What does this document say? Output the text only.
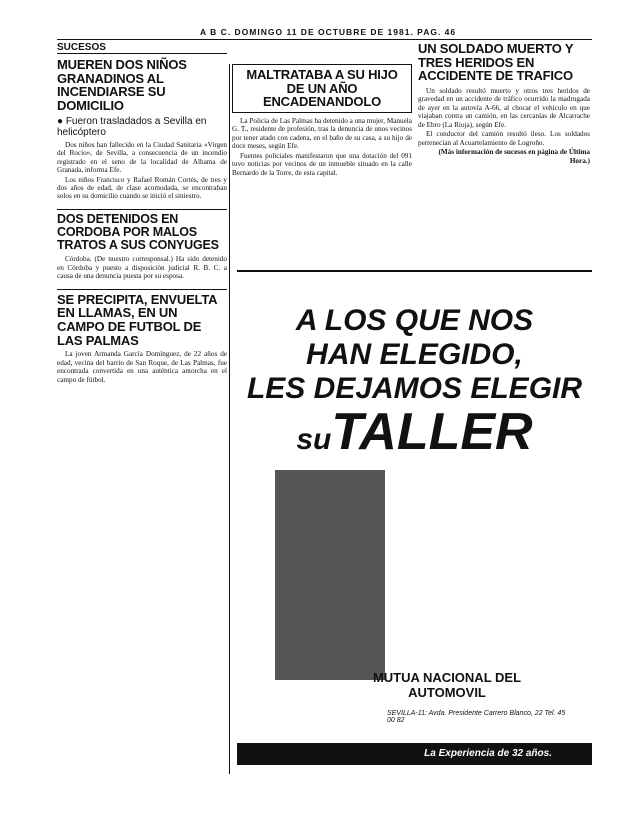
A B C. DOMINGO 11 DE OCTUBRE DE 1981. PAG. 46
SUCESOS
MUEREN DOS NIÑOS GRANADINOS AL INCENDIARSE SU DOMICILIO
● Fueron trasladados a Sevilla en helicóptero

Dos niños han fallecido en la Ciudad Sanitaria «Virgen del Rocío», de Sevilla, a consecuencia de un incendio registrado en el seno de la localidad de Alhama de Granada, informa Efe.

Los niños Francisco y Rafael Román Cortés, de tres y dos años de edad, de clase acomodada, se encontraban solos en su domicilio cuando se inició el siniestro.

DOS DETENIDOS EN CORDOBA POR MALOS TRATOS A SUS CONYUGES

Córdoba. (De nuestro corresponsal.) Ha sido detenido en Córdoba y puesto a disposición judicial R. B. C. a causa de una denuncia puesta por su esposa.

SE PRECIPITA, ENVUELTA EN LLAMAS, EN UN CAMPO DE FUTBOL DE LAS PALMAS

La joven Armanda García Domínguez, de 22 años de edad, vecina del barrio de San Roque, de Las Palmas, fue encontrada convertida en una auténtica antorcha en el campo de fútbol.

MALTRATABA A SU HIJO DE UN AÑO ENCADENANDOLO

La Policía de Las Palmas ha detenido a una mujer, Manuela G. T., residente de profesión, tras la denuncia de unos vecinos por tener atado con cadena, en el baño de su casa, a su hijo de doce meses, según Efe.

Fuentes policiales manifestaron que una dotación del 091 tuvo noticias por vecinos de un inmueble situado en la calle Bernardo de la Torre, de esta capital.

UN SOLDADO MUERTO Y TRES HERIDOS EN ACCIDENTE DE TRAFICO

Un soldado resultó muerto y otros tres heridos de gravedad en un accidente de tráfico ocurrido la madrugada de ayer en la autovía A-66, al chocar el vehículo en que viajaban contra un camión, en las cercanías de Alcarrache de Ebro (La Rioja), según Efe.

El conductor del camión resultó ileso. Los soldados pertenecían al Acuartelamiento de Logroño.

(Más información de sucesos en página de Última Hora.)

A LOS QUE NOS
HAN ELEGIDO,
LES DEJAMOS ELEGIR
suTALLER
MUTUA NACIONAL DEL AUTOMOVIL
SEVILLA-11: Avda. Presidente Carrero Blanco, 22 Tel. 45 00 82
La Experiencia de 32 años.
